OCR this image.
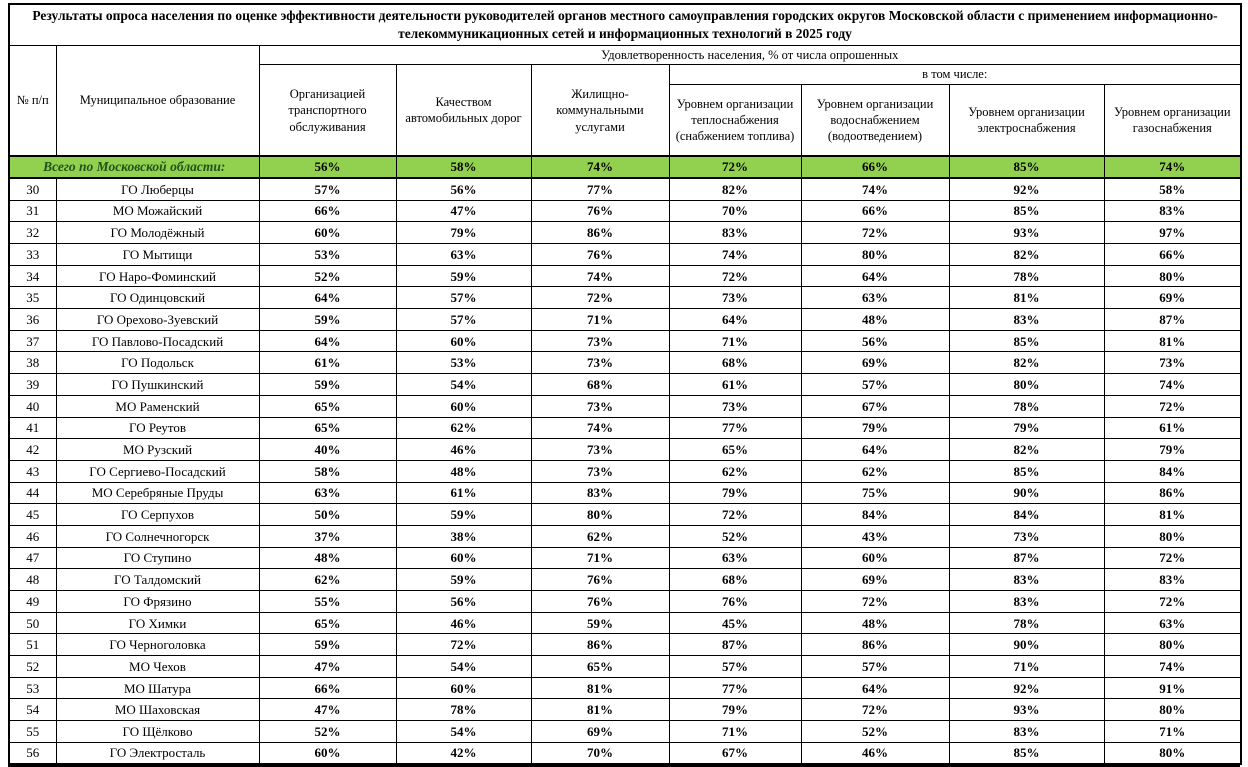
Результаты опроса населения по оценке эффективности деятельности руководителей органов местного самоуправления городских округов Московской области с применением информационно-телекоммуникационных сетей и информационных технологий в 2025 году								
№ п/п	Муниципальное образование	Удовлетворенность населения, % от числа опрошенных						
		Организацией транспортного обслуживания	Качеством автомобильных дорог	Жилищно-коммунальными услугами	в том числе:			
					Уровнем организации теплоснабжения (снабжением топлива)	Уровнем организации водоснабжением (водоотведением)	Уровнем организации электроснабжения	Уровнем организации газоснабжения
Всего по Московской области:		56%	58%	74%	72%	66%	85%	74%
30	ГО Люберцы	57%	56%	77%	82%	74%	92%	58%
31	МО Можайский	66%	47%	76%	70%	66%	85%	83%
32	ГО Молодёжный	60%	79%	86%	83%	72%	93%	97%
33	ГО Мытищи	53%	63%	76%	74%	80%	82%	66%
34	ГО Наро-Фоминский	52%	59%	74%	72%	64%	78%	80%
35	ГО Одинцовский	64%	57%	72%	73%	63%	81%	69%
36	ГО Орехово-Зуевский	59%	57%	71%	64%	48%	83%	87%
37	ГО Павлово-Посадский	64%	60%	73%	71%	56%	85%	81%
38	ГО Подольск	61%	53%	73%	68%	69%	82%	73%
39	ГО Пушкинский	59%	54%	68%	61%	57%	80%	74%
40	МО Раменский	65%	60%	73%	73%	67%	78%	72%
41	ГО Реутов	65%	62%	74%	77%	79%	79%	61%
42	МО Рузский	40%	46%	73%	65%	64%	82%	79%
43	ГО Сергиево-Посадский	58%	48%	73%	62%	62%	85%	84%
44	МО Серебряные Пруды	63%	61%	83%	79%	75%	90%	86%
45	ГО Серпухов	50%	59%	80%	72%	84%	84%	81%
46	ГО Солнечногорск	37%	38%	62%	52%	43%	73%	80%
47	ГО Ступино	48%	60%	71%	63%	60%	87%	72%
48	ГО Талдомский	62%	59%	76%	68%	69%	83%	83%
49	ГО Фрязино	55%	56%	76%	76%	72%	83%	72%
50	ГО Химки	65%	46%	59%	45%	48%	78%	63%
51	ГО Черноголовка	59%	72%	86%	87%	86%	90%	80%
52	МО Чехов	47%	54%	65%	57%	57%	71%	74%
53	МО Шатура	66%	60%	81%	77%	64%	92%	91%
54	МО Шаховская	47%	78%	81%	79%	72%	93%	80%
55	ГО Щёлково	52%	54%	69%	71%	52%	83%	71%
56	ГО Электросталь	60%	42%	70%	67%	46%	85%	80%
